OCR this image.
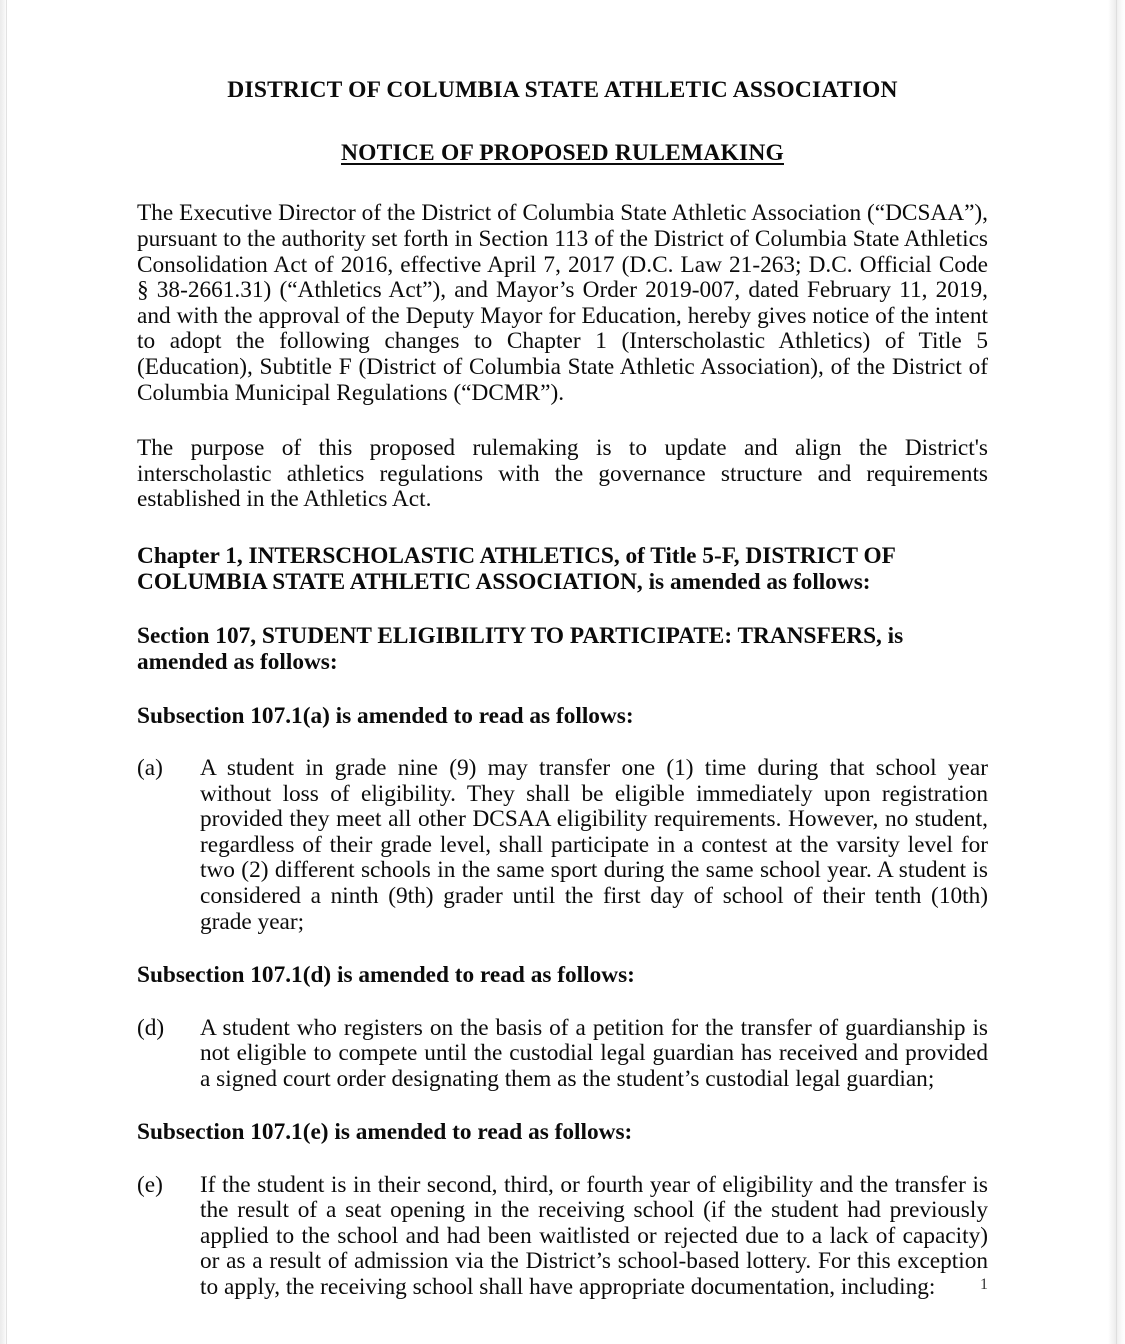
DISTRICT OF COLUMBIA STATE ATHLETIC ASSOCIATION
NOTICE OF PROPOSED RULEMAKING

The Executive Director of the District of Columbia State Athletic Association (“DCSAA”), pursuant to the authority set forth in Section 113 of the District of Columbia State Athletics Consolidation Act of 2016, effective April 7, 2017 (D.C. Law 21-263; D.C. Official Code § 38-2661.31) (“Athletics Act”), and Mayor’s Order 2019-007, dated February 11, 2019, and with the approval of the Deputy Mayor for Education, hereby gives notice of the intent to adopt the following changes to Chapter 1 (Interscholastic Athletics) of Title 5 (Education), Subtitle F (District of Columbia State Athletic Association), of the District of Columbia Municipal Regulations (“DCMR”).

The purpose of this proposed rulemaking is to update and align the District's interscholastic athletics regulations with the governance structure and requirements established in the Athletics Act.

Chapter 1, INTERSCHOLASTIC ATHLETICS, of Title 5-F, DISTRICT OF COLUMBIA STATE ATHLETIC ASSOCIATION, is amended as follows:

Section 107, STUDENT ELIGIBILITY TO PARTICIPATE: TRANSFERS, is amended as follows:

Subsection 107.1(a) is amended to read as follows:

(a)	A student in grade nine (9) may transfer one (1) time during that school year without loss of eligibility. They shall be eligible immediately upon registration provided they meet all other DCSAA eligibility requirements. However, no student, regardless of their grade level, shall participate in a contest at the varsity level for two (2) different schools in the same sport during the same school year. A student is considered a ninth (9th) grader until the first day of school of their tenth (10th) grade year;

Subsection 107.1(d) is amended to read as follows:

(d)	A student who registers on the basis of a petition for the transfer of guardianship is not eligible to compete until the custodial legal guardian has received and provided a signed court order designating them as the student’s custodial legal guardian;

Subsection 107.1(e) is amended to read as follows:

(e)	If the student is in their second, third, or fourth year of eligibility and the transfer is the result of a seat opening in the receiving school (if the student had previously applied to the school and had been waitlisted or rejected due to a lack of capacity) or as a result of admission via the District’s school-based lottery. For this exception to apply, the receiving school shall have appropriate documentation, including:	1
